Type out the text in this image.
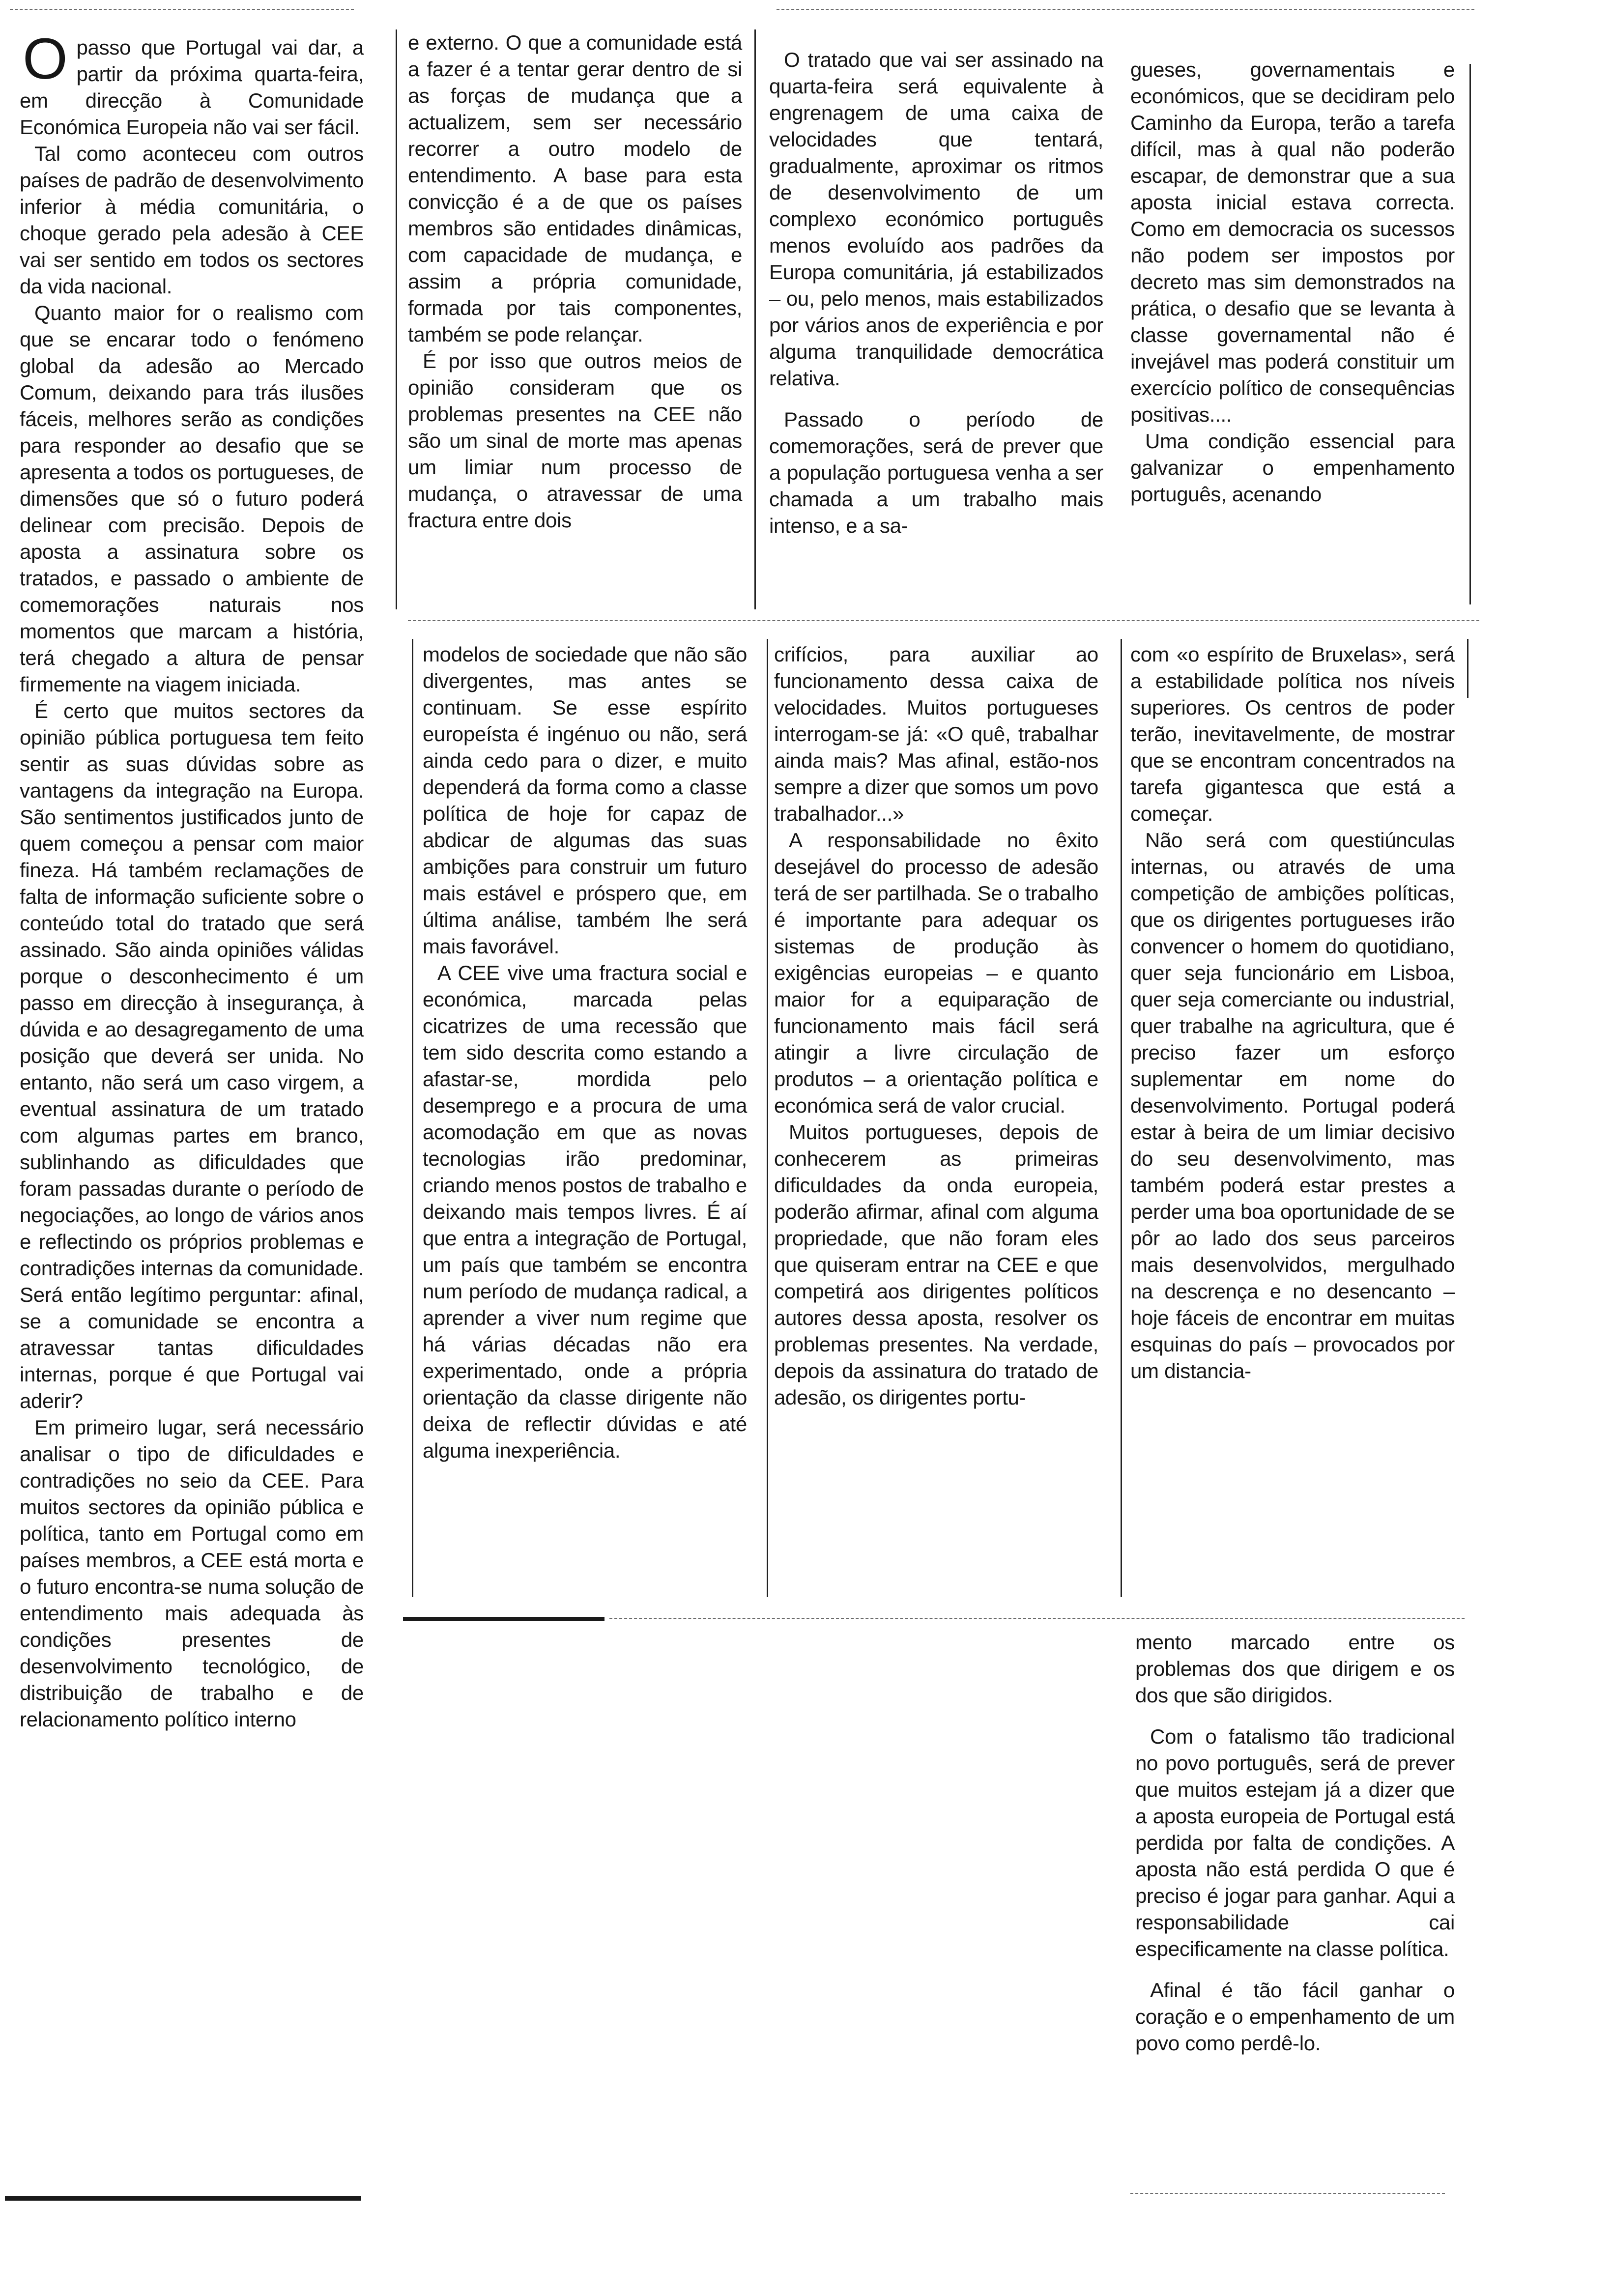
Opasso que Portugal vai dar, a partir da próxima quarta-feira, em direcção à Comunidade Económica Europeia não vai ser fácil.

Tal como aconteceu com outros países de padrão de desenvolvimento inferior à média comunitária, o choque gerado pela adesão à CEE vai ser sentido em todos os sectores da vida nacional.

Quanto maior for o realismo com que se encarar todo o fenómeno global da adesão ao Mercado Comum, deixando para trás ilusões fáceis, melhores serão as condições para responder ao desafio que se apresenta a todos os portugueses, de dimensões que só o futuro poderá delinear com precisão. Depois de aposta a assinatura sobre os tratados, e passado o ambiente de comemorações naturais nos momentos que marcam a história, terá chegado a altura de pensar firmemente na viagem iniciada.

É certo que muitos sectores da opinião pública portuguesa tem feito sentir as suas dúvidas sobre as vantagens da integração na Europa. São sentimentos justificados junto de quem começou a pensar com maior fineza. Há também reclamações de falta de informação suficiente sobre o conteúdo total do tratado que será assinado. São ainda opiniões válidas porque o desconhecimento é um passo em direcção à insegurança, à dúvida e ao desagregamento de uma posição que deverá ser unida. No entanto, não será um caso virgem, a eventual assinatura de um tratado com algumas partes em branco, sublinhando as dificuldades que foram passadas durante o período de negociações, ao longo de vários anos e reflectindo os próprios problemas e contradições internas da comunidade. Será então legítimo perguntar: afinal, se a comunidade se encontra a atravessar tantas dificuldades internas, porque é que Portugal vai aderir?

Em primeiro lugar, será necessário analisar o tipo de dificuldades e contradições no seio da CEE. Para muitos sectores da opinião pública e política, tanto em Portugal como em países membros, a CEE está morta e o futuro encontra-se numa solução de entendimento mais adequada às condições presentes de desenvolvimento tecnológico, de distribuição de trabalho e de relacionamento político interno

e externo. O que a comunidade está a fazer é a tentar gerar dentro de si as forças de mudança que a actualizem, sem ser necessário recorrer a outro modelo de entendimento. A base para esta convicção é a de que os países membros são entidades dinâmicas, com capacidade de mudança, e assim a própria comunidade, formada por tais componentes, também se pode relançar.

É por isso que outros meios de opinião consideram que os problemas presentes na CEE não são um sinal de morte mas apenas um limiar num processo de mudança, o atravessar de uma fractura entre dois

O tratado que vai ser assinado na quarta-feira será equivalente à engrenagem de uma caixa de velocidades que tentará, gradualmente, aproximar os ritmos de desenvolvimento de um complexo económico português menos evoluído aos padrões da Europa comunitária, já estabilizados – ou, pelo menos, mais estabilizados por vários anos de experiência e por alguma tranquilidade democrática relativa.

Passado o período de comemorações, será de prever que a população portuguesa venha a ser chamada a um trabalho mais intenso, e a sa-

gueses, governamentais e económicos, que se decidiram pelo Caminho da Europa, terão a tarefa difícil, mas à qual não poderão escapar, de demonstrar que a sua aposta inicial estava correcta. Como em democracia os sucessos não podem ser impostos por decreto mas sim demonstrados na prática, o desafio que se levanta à classe governamental não é invejável mas poderá constituir um exercício político de consequências positivas....

Uma condição essencial para galvanizar o empenhamento português, acenando

modelos de sociedade que não são divergentes, mas antes se continuam. Se esse espírito europeísta é ingénuo ou não, será ainda cedo para o dizer, e muito dependerá da forma como a classe política de hoje for capaz de abdicar de algumas das suas ambições para construir um futuro mais estável e próspero que, em última análise, também lhe será mais favorável.

A CEE vive uma fractura social e económica, marcada pelas cicatrizes de uma recessão que tem sido descrita como estando a afastar-se, mordida pelo desemprego e a procura de uma acomodação em que as novas tecnologias irão predominar, criando menos postos de trabalho e deixando mais tempos livres. É aí que entra a integração de Portugal, um país que também se encontra num período de mudança radical, a aprender a viver num regime que há várias décadas não era experimentado, onde a própria orientação da classe dirigente não deixa de reflectir dúvidas e até alguma inexperiência.

crifícios, para auxiliar ao funcionamento dessa caixa de velocidades. Muitos portugueses interrogam-se já: «O quê, trabalhar ainda mais? Mas afinal, estão-nos sempre a dizer que somos um povo trabalhador...»

A responsabilidade no êxito desejável do processo de adesão terá de ser partilhada. Se o trabalho é importante para adequar os sistemas de produção às exigências europeias – e quanto maior for a equiparação de funcionamento mais fácil será atingir a livre circulação de produtos – a orientação política e económica será de valor crucial.

Muitos portugueses, depois de conhecerem as primeiras dificuldades da onda europeia, poderão afirmar, afinal com alguma propriedade, que não foram eles que quiseram entrar na CEE e que competirá aos dirigentes políticos autores dessa aposta, resolver os problemas presentes. Na verdade, depois da assinatura do tratado de adesão, os dirigentes portu-

com «o espírito de Bruxelas», será a estabilidade política nos níveis superiores. Os centros de poder terão, inevitavelmente, de mostrar que se encontram concentrados na tarefa gigantesca que está a começar.

Não será com questiúnculas internas, ou através de uma competição de ambições políticas, que os dirigentes portugueses irão convencer o homem do quotidiano, quer seja funcionário em Lisboa, quer seja comerciante ou industrial, quer trabalhe na agricultura, que é preciso fazer um esforço suplementar em nome do desenvolvimento. Portugal poderá estar à beira de um limiar decisivo do seu desenvolvimento, mas também poderá estar prestes a perder uma boa oportunidade de se pôr ao lado dos seus parceiros mais desenvolvidos, mergulhado na descrença e no desencanto – hoje fáceis de encontrar em muitas esquinas do país – provocados por um distancia-

mento marcado entre os problemas dos que dirigem e os dos que são dirigidos.

Com o fatalismo tão tradicional no povo português, será de prever que muitos estejam já a dizer que a aposta europeia de Portugal está perdida por falta de condições. A aposta não está perdida O que é preciso é jogar para ganhar. Aqui a responsabilidade cai especificamente na classe política.

Afinal é tão fácil ganhar o coração e o empenhamento de um povo como perdê-lo.
